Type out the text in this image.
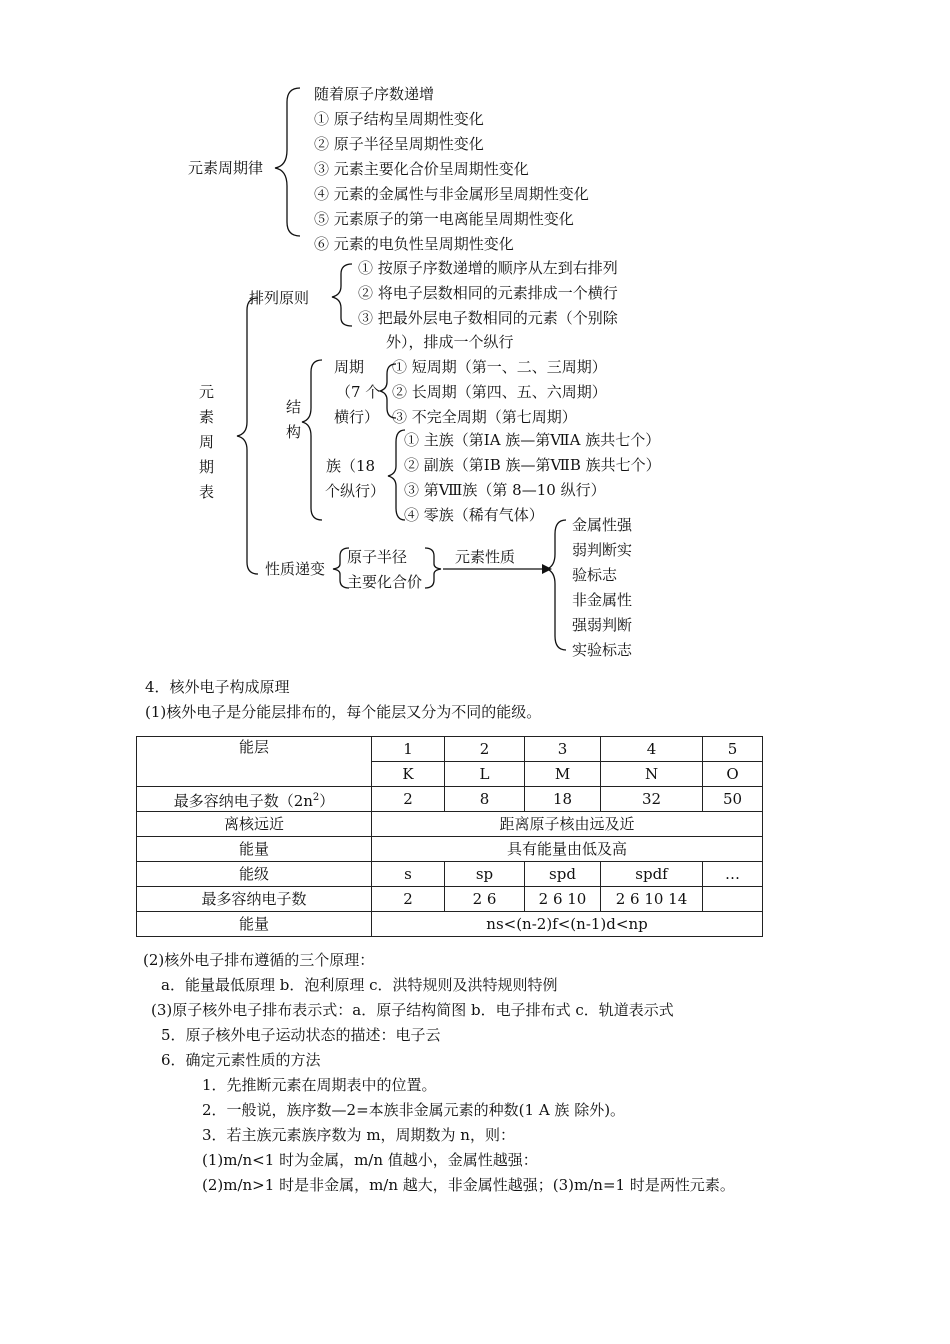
元素周期律
随着原子序数递增
① 原子结构呈周期性变化
② 原子半径呈周期性变化
③ 元素主要化合价呈周期性变化
④ 元素的金属性与非金属形呈周期性变化
⑤ 元素原子的第一电离能呈周期性变化
⑥ 元素的电负性呈周期性变化
元
素
周
期
表
排列原则
① 按原子序数递增的顺序从左到右排列
② 将电子层数相同的元素排成一个横行
③ 把最外层电子数相同的元素（个别除
外），排成一个纵行
结
构
周期
（7 个
横行）
① 短周期（第一、二、三周期）
② 长周期（第四、五、六周期）
③ 不完全周期（第七周期）
族（18
个纵行）
① 主族（第ⅠA 族—第ⅦA 族共七个）
② 副族（第ⅠB 族—第ⅦB 族共七个）
③ 第Ⅷ族（第 8—10 纵行）
④ 零族（稀有气体）
性质递变
原子半径
主要化合价
元素性质
金属性强
弱判断实
验标志
非金属性
强弱判断
实验标志
4．核外电子构成原理
(1)核外电子是分能层排布的，每个能层又分为不同的能级。
能层	1	2	3	4	5
	K	L	M	N	O
最多容纳电子数$(2n^2)$	2	8	18	32	50
离核远近	距离原子核由远及近				
能量	具有能量由低及高				
能级	s	sp	spd	spdf	…
最多容纳电子数	2	2 6	2 6 10	2 6 10 14	
能量	ns<(n-2)f<(n-1)d<np				
(2)核外电子排布遵循的三个原理：
a．能量最低原理 b．泡利原理 c．洪特规则及洪特规则特例
(3)原子核外电子排布表示式：a．原子结构简图 b．电子排布式 c．轨道表示式
5．原子核外电子运动状态的描述：电子云
6．确定元素性质的方法
1．先推断元素在周期表中的位置。
2．一般说，族序数—2=本族非金属元素的种数(1 A 族 除外)。
3．若主族元素族序数为 m，周期数为 n，则：
(1)m/n<1 时为金属，m/n 值越小，金属性越强：
(2)m/n>1 时是非金属，m/n 越大，非金属性越强；(3)m/n=1 时是两性元素。
